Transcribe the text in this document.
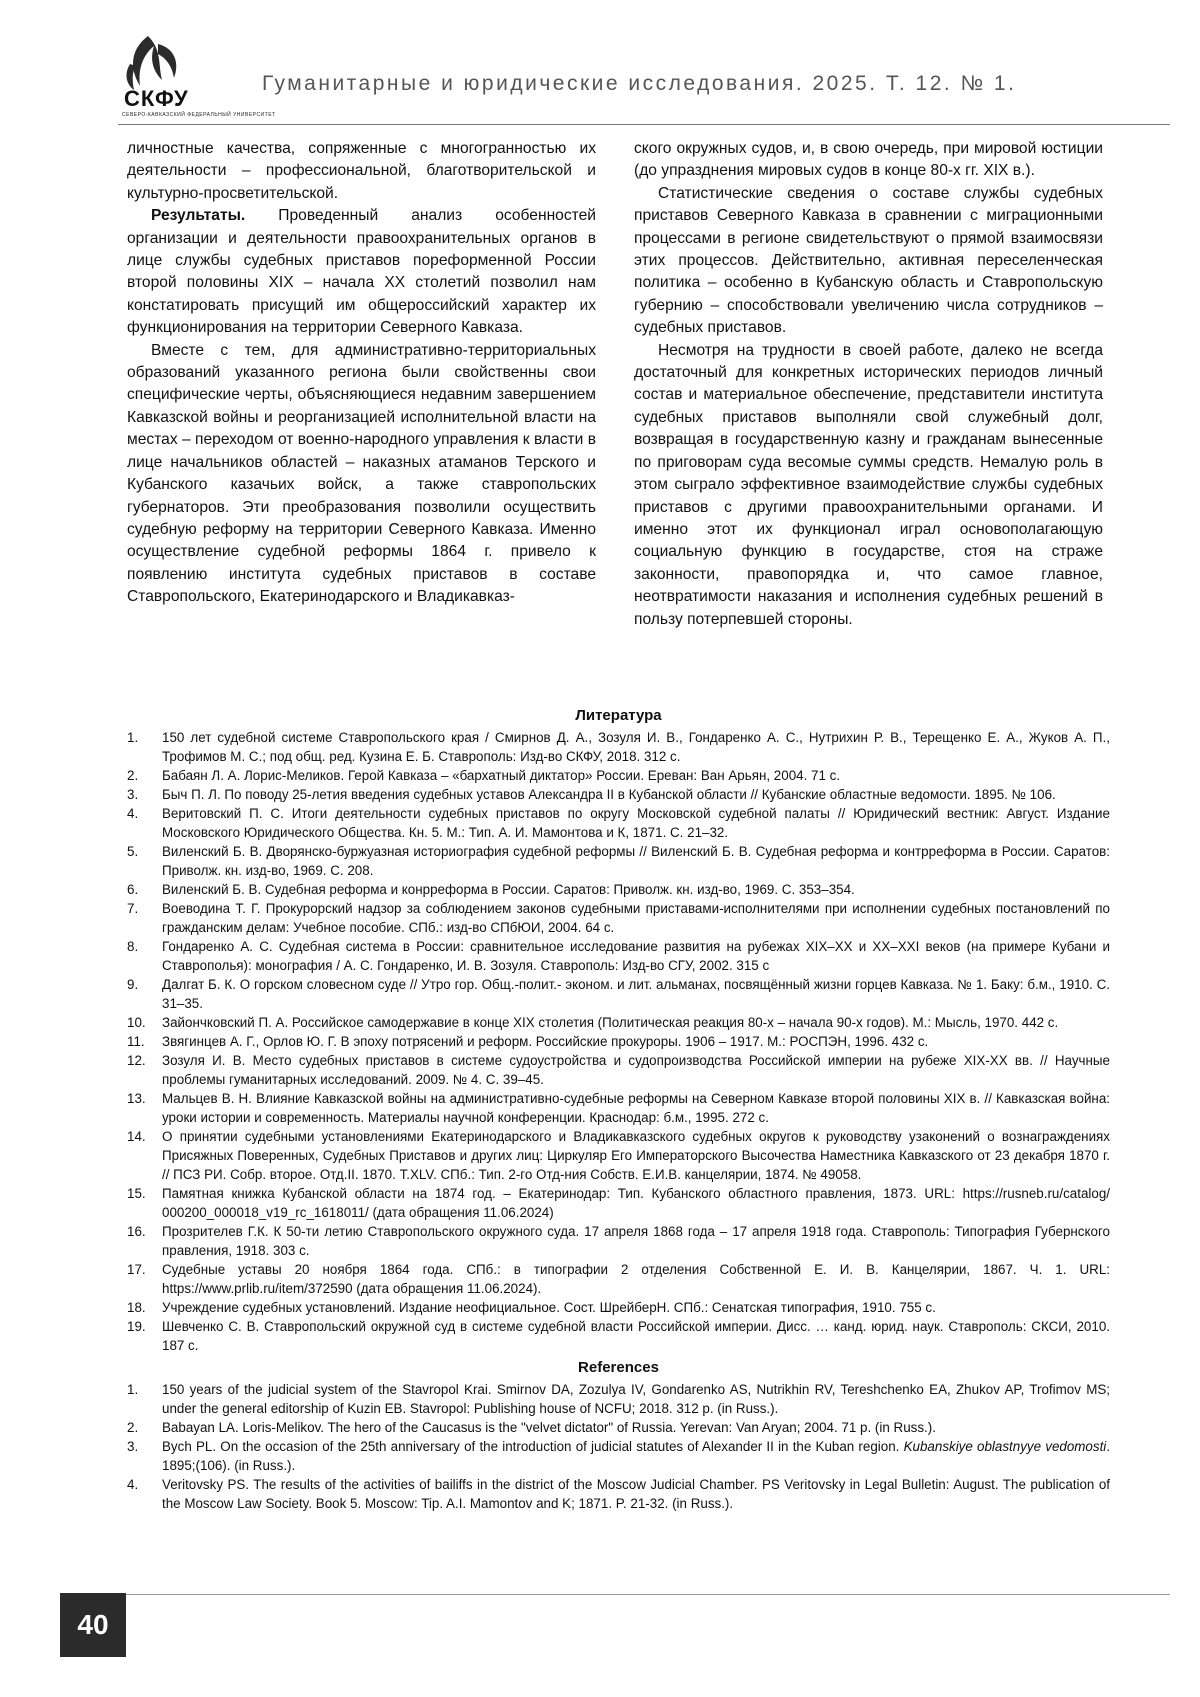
СКФУ
СЕВЕРО-КАВКАЗСКИЙ ФЕДЕРАЛЬНЫЙ УНИВЕРСИТЕТ
Гуманитарные и юридические исследования. 2025. Т. 12. № 1.

личностные качества, сопряженные с многогранностью их деятельности – профессиональной, благотворительской и культурно-просветительской.

Результаты. Проведенный анализ особенностей организации и деятельности правоохранительных органов в лице службы судебных приставов пореформенной России второй половины XIX – начала XX столетий позволил нам констатировать присущий им общероссийский характер их функционирования на территории Северного Кавказа.

Вместе с тем, для административно-территориальных образований указанного региона были свойственны свои специфические черты, объясняющиеся недавним завершением Кавказской войны и реорганизацией исполнительной власти на местах – переходом от военно-народного управления к власти в лице начальников областей – наказных атаманов Терского и Кубанского казачьих войск, а также ставропольских губернаторов. Эти преобразования позволили осуществить судебную реформу на территории Северного Кавказа. Именно осуществление судебной реформы 1864 г. привело к появлению института судебных приставов в составе Ставропольского, Екатеринодарского и Владикавказ-

ского окружных судов, и, в свою очередь, при мировой юстиции (до упразднения мировых судов в конце 80-х гг. XIX в.).

Статистические сведения о составе службы судебных приставов Северного Кавказа в сравнении с миграционными процессами в регионе свидетельствуют о прямой взаимосвязи этих процессов. Действительно, активная переселенческая политика – особенно в Кубанскую область и Ставропольскую губернию – способствовали увеличению числа сотрудников – судебных приставов.

Несмотря на трудности в своей работе, далеко не всегда достаточный для конкретных исторических периодов личный состав и материальное обеспечение, представители института судебных приставов выполняли свой служебный долг, возвращая в государственную казну и гражданам вынесенные по приговорам суда весомые суммы средств. Немалую роль в этом сыграло эффективное взаимодействие службы судебных приставов с другими правоохранительными органами. И именно этот их функционал играл основополагающую социальную функцию в государстве, стоя на страже законности, правопорядка и, что самое главное, неотвратимости наказания и исполнения судебных решений в пользу потерпевшей стороны.

Литература
1. 150 лет судебной системе Ставропольского края / Смирнов Д. А., Зозуля И. В., Гондаренко А. С., Нутрихин Р. В., Терещенко Е. А., Жуков А. П., Трофимов М. С.; под общ. ред. Кузина Е. Б. Ставрополь: Изд-во СКФУ, 2018. 312 с.
2. Бабаян Л. А. Лорис-Меликов. Герой Кавказа – «бархатный диктатор» России. Ереван: Ван Арьян, 2004. 71 с.
3. Быч П. Л. По поводу 25-летия введения судебных уставов Александра II в Кубанской области // Кубанские областные ведомости. 1895. № 106.
4. Веритовский П. С. Итоги деятельности судебных приставов по округу Московской судебной палаты // Юридический вестник: Август. Издание Московского Юридического Общества. Кн. 5. М.: Тип. А. И. Мамонтова и К, 1871. С. 21–32.
5. Виленский Б. В. Дворянско-буржуазная историография судебной реформы // Виленский Б. В. Судебная реформа и контрреформа в России. Саратов: Приволж. кн. изд-во, 1969. С. 208.
6. Виленский Б. В. Судебная реформа и конрреформа в России. Саратов: Приволж. кн. изд-во, 1969. С. 353–354.
7. Воеводина Т. Г. Прокурорский надзор за соблюдением законов судебными приставами-исполнителями при исполнении судебных постановлений по гражданским делам: Учебное пособие. СПб.: изд-во СПбЮИ, 2004. 64 с.
8. Гондаренко А. С. Судебная система в России: сравнительное исследование развития на рубежах XIX–XX и XX–XXI веков (на примере Кубани и Ставрополья): монография / А. С. Гондаренко, И. В. Зозуля. Ставрополь: Изд-во СГУ, 2002. 315 с
9. Далгат Б. К. О горском словесном суде // Утро гор. Общ.-полит.- эконом. и лит. альманах, посвящённый жизни горцев Кавказа. № 1. Баку: б.м., 1910. С. 31–35.
10. Зайончковский П. А. Российское самодержавие в конце XIX столетия (Политическая реакция 80-х – начала 90-х годов). М.: Мысль, 1970. 442 с.
11. Звягинцев А. Г., Орлов Ю. Г. В эпоху потрясений и реформ. Российские прокуроры. 1906 – 1917. М.: РОСПЭН, 1996. 432 с.
12. Зозуля И. В. Место судебных приставов в системе судоустройства и судопроизводства Российской империи на рубеже XIX-XX вв. // Научные проблемы гуманитарных исследований. 2009. № 4. С. 39–45.
13. Мальцев В. Н. Влияние Кавказской войны на административно-судебные реформы на Северном Кавказе второй половины XIX в. // Кавказская война: уроки истории и современность. Материалы научной конференции. Краснодар: б.м., 1995. 272 с.
14. О принятии судебными установлениями Екатеринодарского и Владикавказского судебных округов к руководству узаконений о вознаграждениях Присяжных Поверенных, Судебных Приставов и других лиц: Циркуляр Его Императорского Высочества Наместника Кавказского от 23 декабря 1870 г. // ПСЗ РИ. Собр. второе. Отд.II. 1870. Т.XLV. СПб.: Тип. 2-го Отд-ния Собств. Е.И.В. канцелярии, 1874. № 49058.
15. Памятная книжка Кубанской области на 1874 год. – Екатеринодар: Тип. Кубанского областного правления, 1873. URL: https://rusneb.ru/catalog/ 000200_000018_v19_rc_1618011/ (дата обращения 11.06.2024)
16. Прозрителев Г.К. К 50-ти летию Ставропольского окружного суда. 17 апреля 1868 года – 17 апреля 1918 года. Ставрополь: Типография Губернского правления, 1918. 303 с.
17. Судебные уставы 20 ноября 1864 года. СПб.: в типографии 2 отделения Собственной Е. И. В. Канцелярии, 1867. Ч. 1. URL: https://www.prlib.ru/item/372590 (дата обращения 11.06.2024).
18. Учреждение судебных установлений. Издание неофициальное. Сост. ШрейберН. СПб.: Сенатская типография, 1910. 755 с.
19. Шевченко С. В. Ставропольский окружной суд в системе судебной власти Российской империи. Дисс. … канд. юрид. наук. Ставрополь: СКСИ, 2010. 187 с.
References
1. 150 years of the judicial system of the Stavropol Krai. Smirnov DA, Zozulya IV, Gondarenko AS, Nutrikhin RV, Tereshchenko EA, Zhukov AP, Trofimov MS; under the general editorship of Kuzin EB. Stavropol: Publishing house of NCFU; 2018. 312 p. (in Russ.).
2. Babayan LA. Loris-Melikov. The hero of the Caucasus is the "velvet dictator" of Russia. Yerevan: Van Aryan; 2004. 71 p. (in Russ.).
3. Bych PL. On the occasion of the 25th anniversary of the introduction of judicial statutes of Alexander II in the Kuban region. Kubanskiye oblastnyye vedomosti. 1895;(106). (in Russ.).
4. Veritovsky PS. The results of the activities of bailiffs in the district of the Moscow Judicial Chamber. PS Veritovsky in Legal Bulletin: August. The publication of the Moscow Law Society. Book 5. Moscow: Tip. A.I. Mamontov and K; 1871. P. 21-32. (in Russ.).
40
